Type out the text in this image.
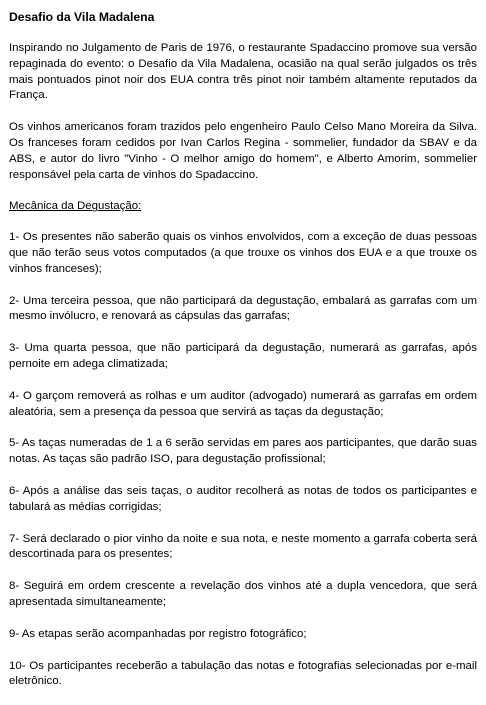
Desafio da Vila Madalena

Inspirando no Julgamento de Paris de 1976, o restaurante Spadaccino promove sua versão repaginada do evento: o Desafio da Vila Madalena, ocasião na qual serão julgados os três mais pontuados pinot noir dos EUA contra três pinot noir também altamente reputados da França.

Os vinhos americanos foram trazidos pelo engenheiro Paulo Celso Mano Moreira da Silva. Os franceses foram cedidos por Ivan Carlos Regina - sommelier, fundador da SBAV e da ABS, e autor do livro "Vinho - O melhor amigo do homem", e Alberto Amorim, sommelier responsável pela carta de vinhos do Spadaccino.

Mecânica da Degustação:

1- Os presentes não saberão quais os vinhos envolvidos, com a exceção de duas pessoas que não terão seus votos computados (a que trouxe os vinhos dos EUA e a que trouxe os vinhos franceses);

2- Uma terceira pessoa, que não participará da degustação, embalará as garrafas com um mesmo invólucro, e renovará as cápsulas das garrafas;

3- Uma quarta pessoa, que não participará da degustação, numerará as garrafas, após pernoite em adega climatizada;

4- O garçom removerá as rolhas e um auditor (advogado) numerará as garrafas em ordem aleatória, sem a presença da pessoa que servirá as taças da degustação;

5- As taças numeradas de 1 a 6 serão servidas em pares aos participantes, que darão suas notas. As taças são padrão ISO, para degustação profissional;

6- Após a análise das seis taças, o auditor recolherá as notas de todos os participantes e tabulará as médias corrigidas;

7- Será declarado o pior vinho da noite e sua nota, e neste momento a garrafa coberta será descortinada para os presentes;

8- Seguirá em ordem crescente a revelação dos vinhos até a dupla vencedora, que será apresentada simultaneamente;

9- As etapas serão acompanhadas por registro fotográfico;

10- Os participantes receberão a tabulação das notas e fotografias selecionadas por e-mail eletrônico.
